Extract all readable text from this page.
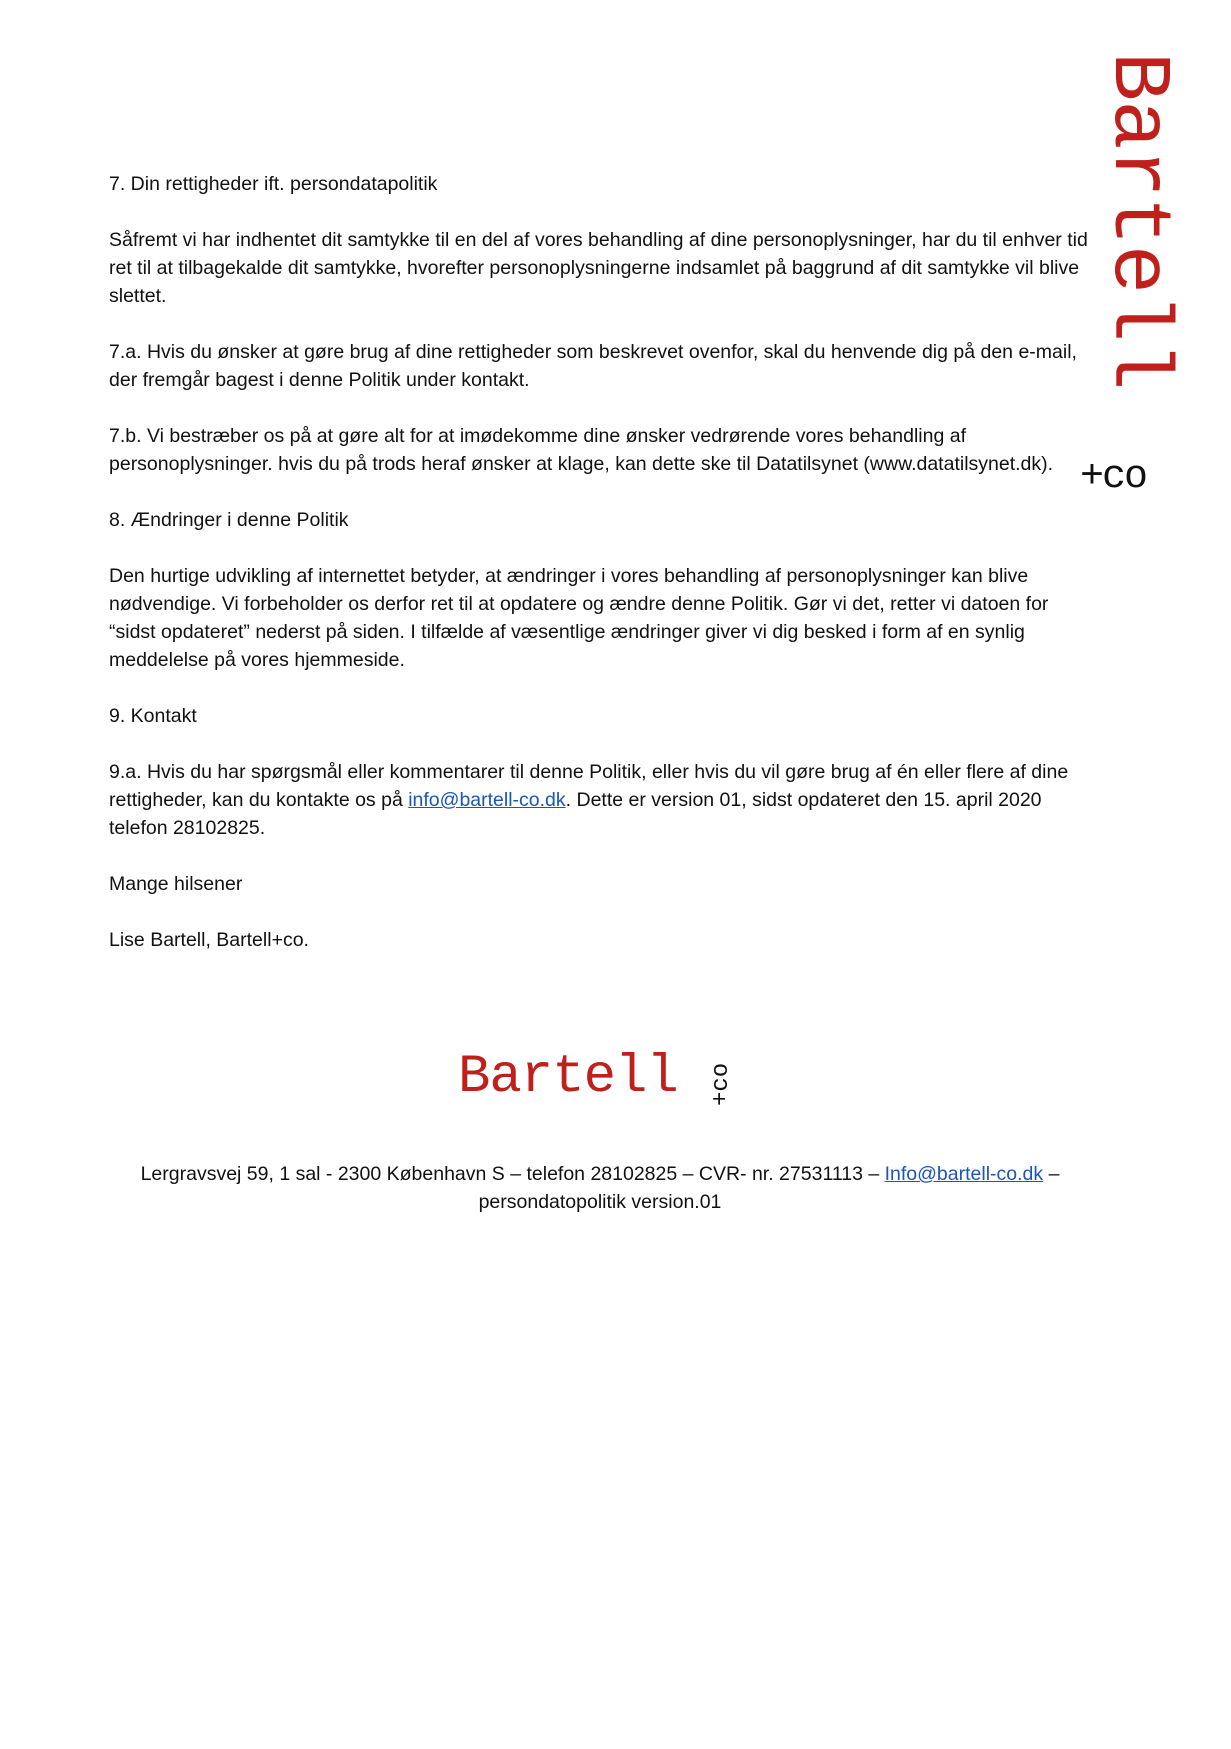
Bartell
+co
7. Din rettigheder ift. persondatapolitik

Såfremt vi har indhentet dit samtykke til en del af vores behandling af dine personoplysninger, har du til enhver tid ret til at tilbagekalde dit samtykke, hvorefter personoplysningerne indsamlet på baggrund af dit samtykke vil blive slettet.

7.a. Hvis du ønsker at gøre brug af dine rettigheder som beskrevet ovenfor, skal du henvende dig på den e-mail, der fremgår bagest i denne Politik under kontakt.

7.b. Vi bestræber os på at gøre alt for at imødekomme dine ønsker vedrørende vores behandling af personoplysninger. hvis du på trods heraf ønsker at klage, kan dette ske til Datatilsynet (www.datatilsynet.dk).

8. Ændringer i denne Politik

Den hurtige udvikling af internettet betyder, at ændringer i vores behandling af personoplysninger kan blive nødvendige. Vi forbeholder os derfor ret til at opdatere og ændre denne Politik. Gør vi det, retter vi datoen for “sidst opdateret” nederst på siden. I tilfælde af væsentlige ændringer giver vi dig besked i form af en synlig meddelelse på vores hjemmeside.

9. Kontakt

9.a. Hvis du har spørgsmål eller kommentarer til denne Politik, eller hvis du vil gøre brug af én eller flere af dine rettigheder, kan du kontakte os på info@bartell-co.dk. Dette er version 01, sidst opdateret den 15. april 2020 telefon 28102825.

Mange hilsener

Lise Bartell, Bartell+co.

Bartell +co
Lergravsvej 59, 1 sal - 2300 København S – telefon 28102825 – CVR- nr. 27531113 – Info@bartell-co.dk –
persondatopolitik version.01
